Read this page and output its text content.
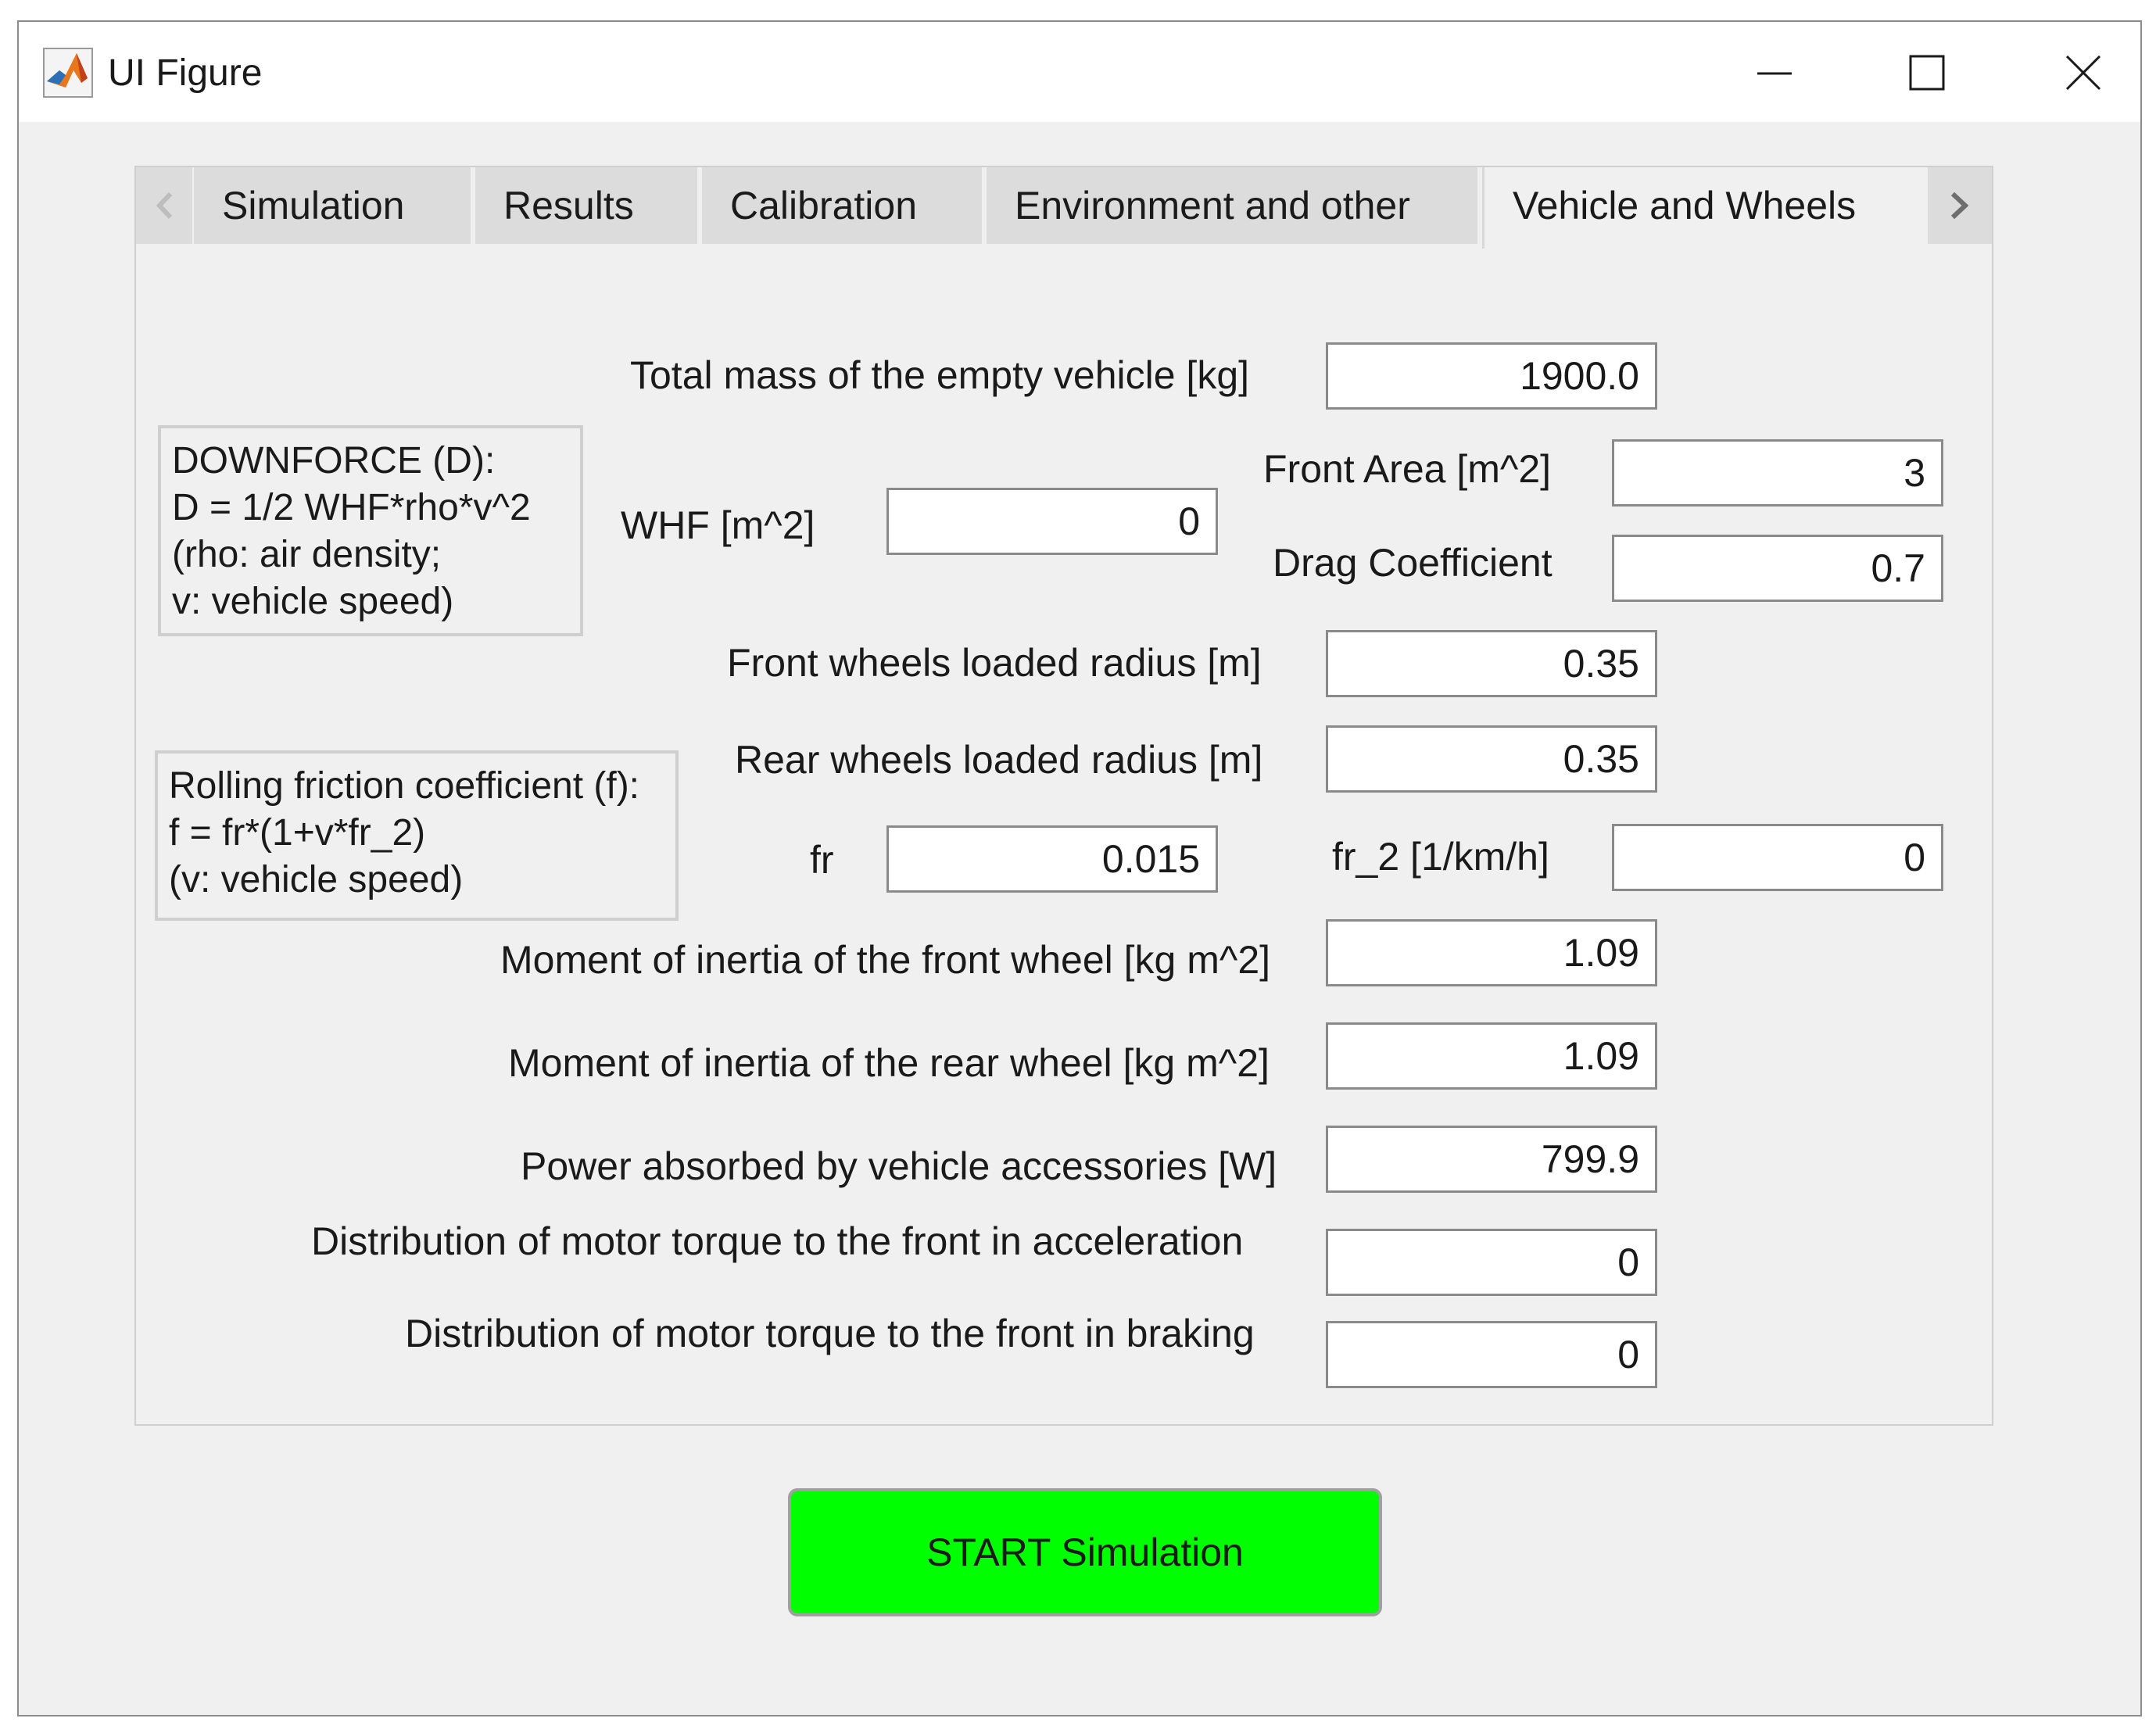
UI Figure
Simulation	Results	Calibration	Environment and other	Vehicle and Wheels
Total mass of the empty vehicle [kg]	1900.0
DOWNFORCE (D):
D = 1/2 WHF*rho*v^2
(rho: air density;
v: vehicle speed)
WHF [m^2]	0
Front Area [m^2]	3
Drag Coefficient	0.7
Front wheels loaded radius [m]	0.35
Rolling friction coefficient (f):
f = fr*(1+v*fr_2)
(v: vehicle speed)
Rear wheels loaded radius [m]	0.35
fr	0.015	fr_2 [1/km/h]	0
Moment of inertia of the front wheel [kg m^2]	1.09
Moment of inertia of the rear wheel [kg m^2]	1.09
Power absorbed by vehicle accessories [W]	799.9
Distribution of motor torque to the front in acceleration	0
Distribution of motor torque to the front in braking	0
START Simulation
